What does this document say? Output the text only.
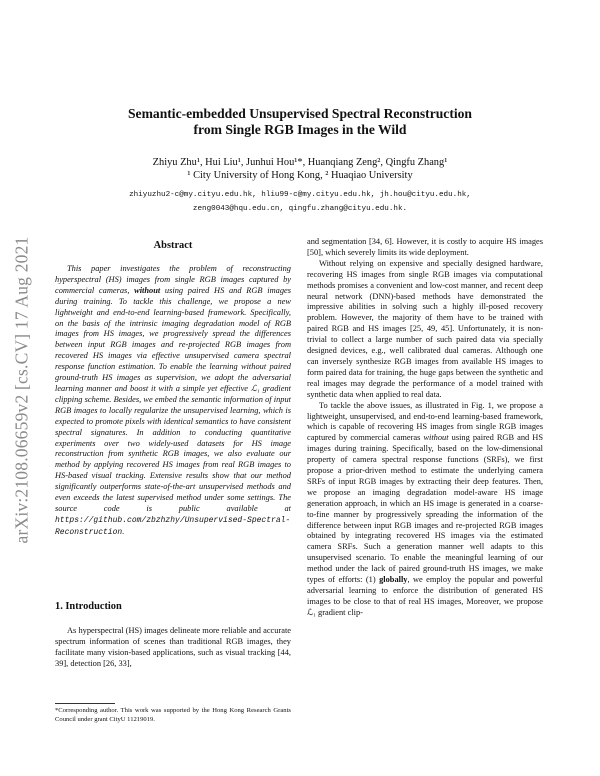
arXiv:2108.06659v2 [cs.CV] 17 Aug 2021
Semantic-embedded Unsupervised Spectral Reconstruction
from Single RGB Images in the Wild
Zhiyu Zhu¹, Hui Liu¹, Junhui Hou¹*, Huanqiang Zeng², Qingfu Zhang¹
¹ City University of Hong Kong, ² Huaqiao University
zhiyuzhu2-c@my.cityu.edu.hk, hliu99-c@my.cityu.edu.hk, jh.hou@cityu.edu.hk,
zeng0043@hqu.edu.cn, qingfu.zhang@cityu.edu.hk.
Abstract

This paper investigates the problem of reconstructing hyperspectral (HS) images from single RGB images captured by commercial cameras, without using paired HS and RGB images during training. To tackle this challenge, we propose a new lightweight and end-to-end learning-based framework. Specifically, on the basis of the intrinsic imaging degradation model of RGB images from HS images, we progressively spread the differences between input RGB images and re-projected RGB images from recovered HS images via effective unsupervised camera spectral response function estimation. To enable the learning without paired ground-truth HS images as supervision, we adopt the adversarial learning manner and boost it with a simple yet effective ℒ₁ gradient clipping scheme. Besides, we embed the semantic information of input RGB images to locally regularize the unsupervised learning, which is expected to promote pixels with identical semantics to have consistent spectral signatures. In addition to conducting quantitative experiments over two widely-used datasets for HS image reconstruction from synthetic RGB images, we also evaluate our method by applying recovered HS images from real RGB images to HS-based visual tracking. Extensive results show that our method significantly outperforms state-of-the-art unsupervised methods and even exceeds the latest supervised method under some settings. The source code is public available at https://github.com/zbzhzhy/Unsupervised-Spectral-Reconstruction.

1. Introduction

As hyperspectral (HS) images delineate more reliable and accurate spectrum information of scenes than traditional RGB images, they facilitate many vision-based applications, such as visual tracking [44, 39], detection [26, 33],

*Corresponding author. This work was supported by the Hong Kong Research Grants Council under grant CityU 11219019.

and segmentation [34, 6]. However, it is costly to acquire HS images [50], which severely limits its wide deployment.

Without relying on expensive and specially designed hardware, recovering HS images from single RGB images via computational methods promises a convenient and low-cost manner, and recent deep neural network (DNN)-based methods have demonstrated the impressive abilities in solving such a highly ill-posed recovery problem. However, the majority of them have to be trained with paired RGB and HS images [25, 49, 45]. Unfortunately, it is non-trivial to collect a large number of such paired data via specially designed devices, e.g., well calibrated dual cameras. Although one can inversely synthesize RGB images from available HS images to form paired data for training, the huge gaps between the synthetic and real images may degrade the performance of a model trained with synthetic data when applied to real data.

To tackle the above issues, as illustrated in Fig. 1, we propose a lightweight, unsupervised, and end-to-end learning-based framework, which is capable of recovering HS images from single RGB images captured by commercial cameras without using paired RGB and HS images during training. Specifically, based on the low-dimensional property of camera spectral response functions (SRFs), we first propose a prior-driven method to estimate the underlying camera SRFs of input RGB images by extracting their deep features. Then, we propose an imaging degradation model-aware HS image generation approach, in which an HS image is generated in a coarse-to-fine manner by progressively spreading the information of the difference between input RGB images and re-projected RGB images obtained by integrating recovered HS images via the estimated camera SRFs. Such a generation manner well adapts to this unsupervised scenario. To enable the meaningful learning of our method under the lack of paired ground-truth HS images, we make types of efforts: (1) globally, we employ the popular and powerful adversarial learning to enforce the distribution of generated HS images to be close to that of real HS images, Moreover, we propose ℒ₁ gradient clip-
